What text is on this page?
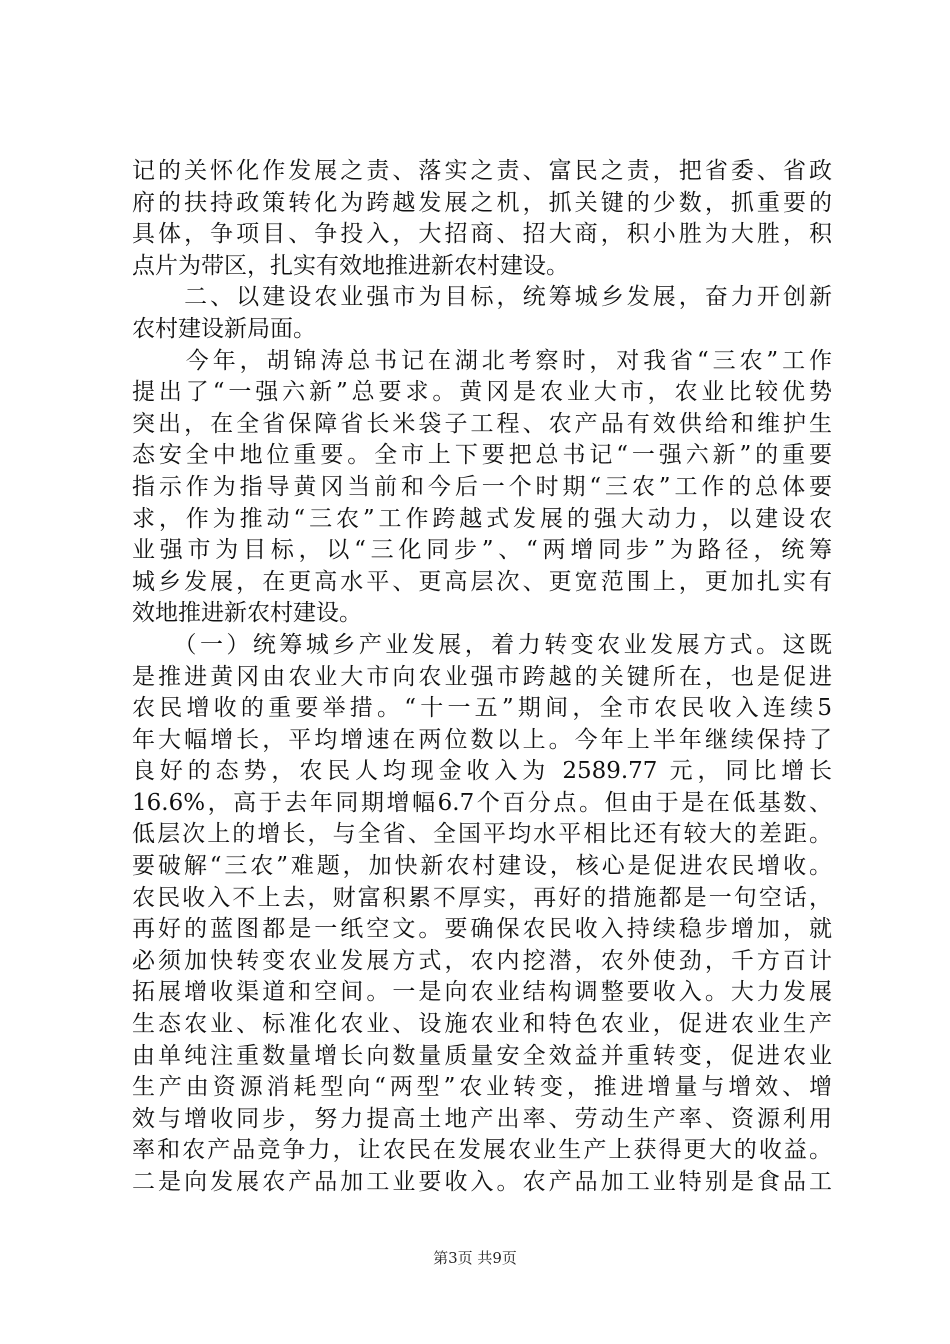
记的关怀化作发展之责、落实之责、富民之责，把省委、省政
府的扶持政策转化为跨越发展之机，抓关键的少数，抓重要的
具体，争项目、争投入，大招商、招大商，积小胜为大胜，积
点片为带区，扎实有效地推进新农村建设。
　　二、以建设农业强市为目标，统筹城乡发展，奋力开创新
农村建设新局面。
　　今年，胡锦涛总书记在湖北考察时，对我省“三农”工作
提出了“一强六新”总要求。黄冈是农业大市，农业比较优势
突出，在全省保障省长米袋子工程、农产品有效供给和维护生
态安全中地位重要。全市上下要把总书记“一强六新”的重要
指示作为指导黄冈当前和今后一个时期“三农”工作的总体要
求，作为推动“三农”工作跨越式发展的强大动力，以建设农
业强市为目标，以“三化同步”、“两增同步”为路径，统筹
城乡发展，在更高水平、更高层次、更宽范围上，更加扎实有
效地推进新农村建设。
　　（一）统筹城乡产业发展，着力转变农业发展方式。这既
是推进黄冈由农业大市向农业强市跨越的关键所在，也是促进
农民增收的重要举措。“十一五”期间，全市农民收入连续5
年大幅增长，平均增速在两位数以上。今年上半年继续保持了
良好的态势，农民人均现金收入为 2589.77 元，同比增长
16.6%，高于去年同期增幅6.7个百分点。但由于是在低基数、
低层次上的增长，与全省、全国平均水平相比还有较大的差距。
要破解“三农”难题，加快新农村建设，核心是促进农民增收。
农民收入不上去，财富积累不厚实，再好的措施都是一句空话，
再好的蓝图都是一纸空文。要确保农民收入持续稳步增加，就
必须加快转变农业发展方式，农内挖潜，农外使劲，千方百计
拓展增收渠道和空间。一是向农业结构调整要收入。大力发展
生态农业、标准化农业、设施农业和特色农业，促进农业生产
由单纯注重数量增长向数量质量安全效益并重转变，促进农业
生产由资源消耗型向“两型”农业转变，推进增量与增效、增
效与增收同步，努力提高土地产出率、劳动生产率、资源利用
率和农产品竞争力，让农民在发展农业生产上获得更大的收益。
二是向发展农产品加工业要收入。农产品加工业特别是食品工
第3页 共9页
